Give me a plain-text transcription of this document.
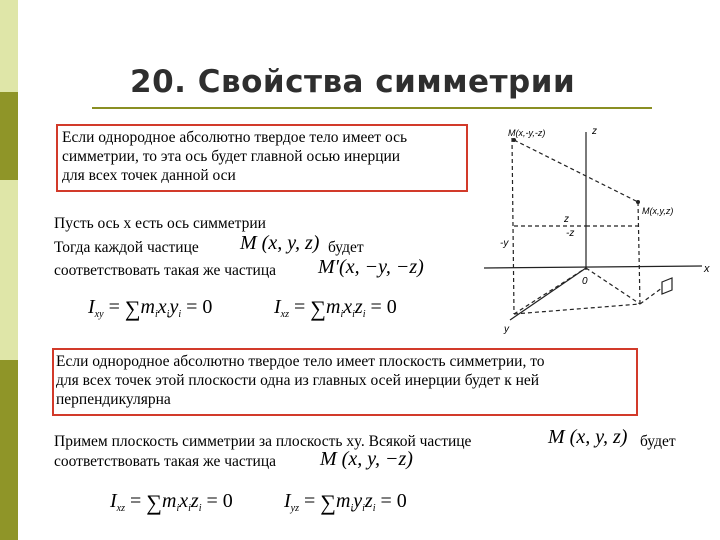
20. Свойства симметрии
Если однородное абсолютно твердое тело имеет ось
симметрии, то эта ось будет главной осью инерции
для всех точек данной оси
Пусть ось x есть ось симметрии
Тогда каждой частице M (x, y, z) будет
соответствовать такая же частица M′(x, −y, −z)
$I_{xy} = \sum m_ix_iy_i = 0$	$I_{xz} = \sum m_ix_iz_i = 0$
Если однородное абсолютно твердое тело имеет плоскость симметрии, то
для всех точек этой плоскости одна из главных осей инерции будет к ней
перпендикулярна
Примем плоскость симметрии за плоскость xy. Всякой частице	M (x, y, z) будет
соответствовать такая же частица M (x, y, −z)
$I_{xz} = \sum m_ix_iz_i = 0$	$I_{yz} = \sum m_iy_iz_i = 0$
M(x,-y,-z)
M(x,y,z)
z
z
-z
-y
0
x
y
